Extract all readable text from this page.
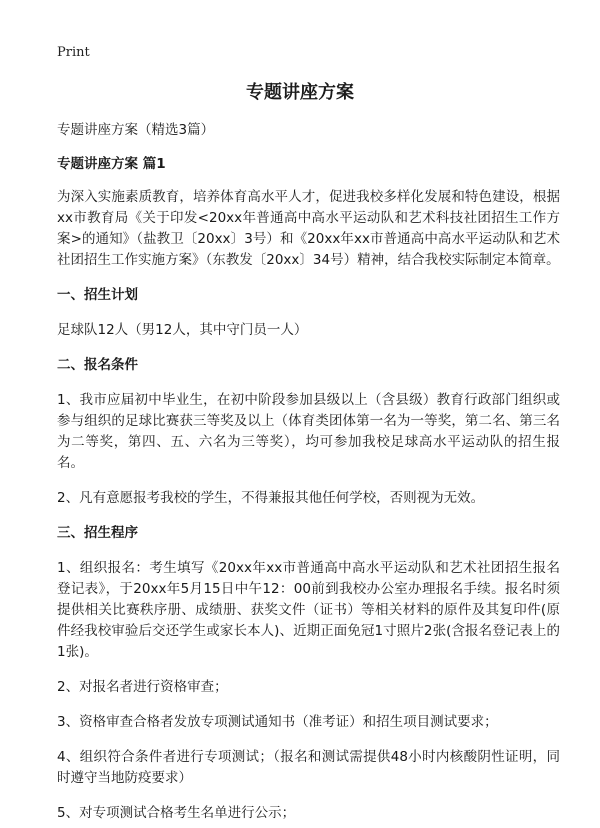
Print
专题讲座方案
专题讲座方案（精选3篇）
专题讲座方案 篇1

为深入实施素质教育，培养体育高水平人才，促进我校多样化发展和特色建设，根据xx市教育局《关于印发<20xx年普通高中高水平运动队和艺术科技社团招生工作方案>的通知》（盐教卫〔20xx〕3号）和《20xx年xx市普通高中高水平运动队和艺术社团招生工作实施方案》（东教发〔20xx〕34号）精神，结合我校实际制定本简章。

一、招生计划

足球队12人（男12人，其中守门员一人）

二、报名条件

1、我市应届初中毕业生，在初中阶段参加县级以上（含县级）教育行政部门组织或参与组织的足球比赛获三等奖及以上（体育类团体第一名为一等奖，第二名、第三名为二等奖，第四、五、六名为三等奖），均可参加我校足球高水平运动队的招生报名。

2、凡有意愿报考我校的学生，不得兼报其他任何学校，否则视为无效。

三、招生程序

1、组织报名：考生填写《20xx年xx市普通高中高水平运动队和艺术社团招生报名登记表》，于20xx年5月15日中午12：00前到我校办公室办理报名手续。报名时须提供相关比赛秩序册、成绩册、获奖文件（证书）等相关材料的原件及其复印件(原件经我校审验后交还学生或家长本人)、近期正面免冠1寸照片2张(含报名登记表上的1张)。

2、对报名者进行资格审查；

3、资格审查合格者发放专项测试通知书（准考证）和招生项目测试要求；

4、组织符合条件者进行专项测试；（报名和测试需提供48小时内核酸阴性证明，同时遵守当地防疫要求）

5、对专项测试合格考生名单进行公示；
